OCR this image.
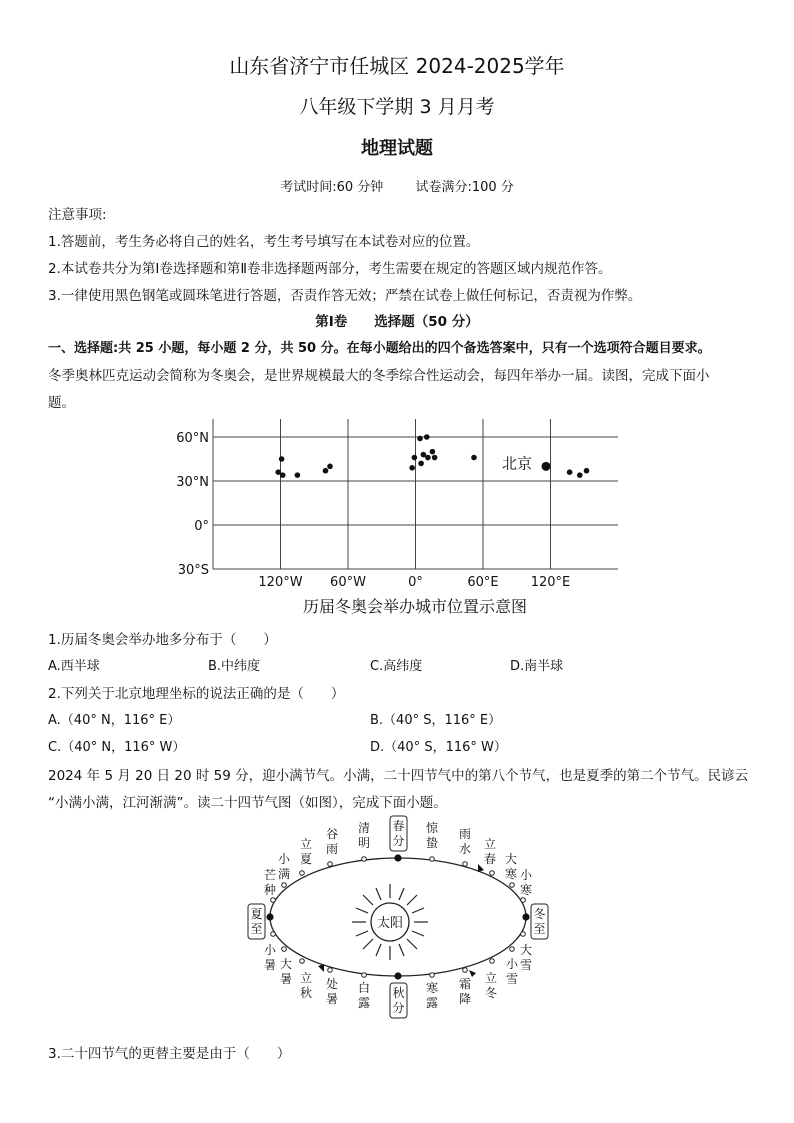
山东省济宁市任城区 2024-2025学年
八年级下学期 3 月月考
地理试题
考试时间:60 分钟 试卷满分:100 分
注意事项:
1.答题前，考生务必将自己的姓名，考生考号填写在本试卷对应的位置。
2.本试卷共分为第Ⅰ卷选择题和第Ⅱ卷非选择题两部分，考生需要在规定的答题区域内规范作答。
3.一律使用黑色钢笔或圆珠笔进行答题，否责作答无效；严禁在试卷上做任何标记，否责视为作弊。
第Ⅰ卷　　选择题（50 分）
一、选择题:共 25 小题，每小题 2 分，共 50 分。在每小题给出的四个备选答案中，只有一个选项符合题目要求。
冬季奥林匹克运动会简称为冬奥会，是世界规模最大的冬季综合性运动会，每四年举办一届。读图，完成下面小
题。
60°N
30°N
0°
30°S
120°W 60°W	0°	60°E 120°E
北京
历届冬奥会举办城市位置示意图
1.历届冬奥会举办地多分布于（　　）
A.西半球	B.中纬度	C.高纬度	D.南半球
2.下列关于北京地理坐标的说法正确的是（　　）
A.（40° N，116° E）	B.（40° S，116° E）
C.（40° N，116° W）	D.（40° S，116° W）
2024 年 5 月 20 日 20 时 59 分，迎小满节气。小满，二十四节气中的第八个节气，也是夏季的第二个节气。民谚云
“小满小满，江河渐满”。读二十四节气图（如图），完成下面小题。
太阳
春分
秋分
夏至
冬至
谷雨
清明
惊蛰
雨水
立夏
小满
芒种
立春 大寒 小寒
处暑
白露
寒露
霜降
小暑 大暑 立秋
大雪
小雪
立冬
3.二十四节气的更替主要是由于（　　）
